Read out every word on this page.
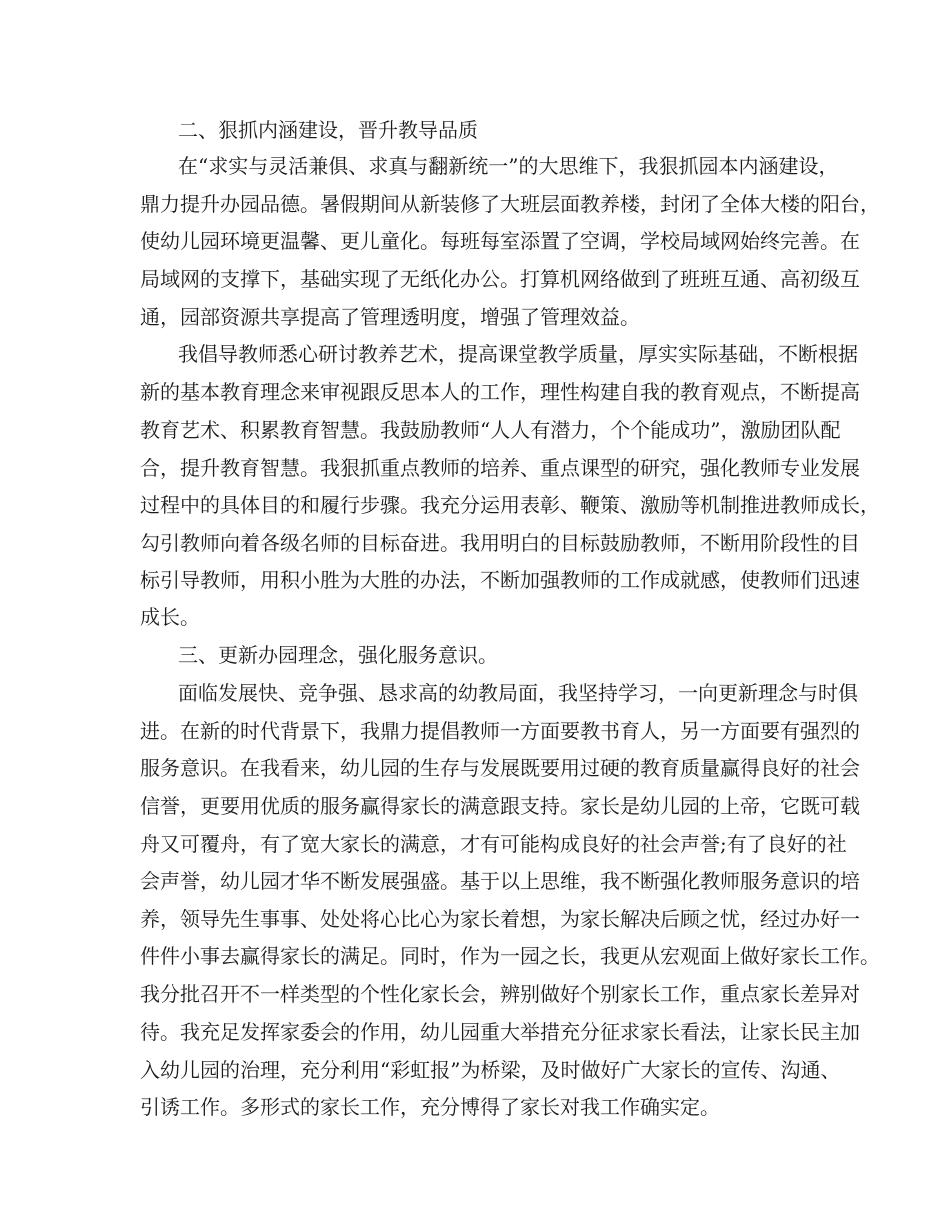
二、狠抓内涵建设，晋升教导品质
在“求实与灵活兼俱、求真与翻新统一”的大思维下，我狠抓园本内涵建设，
鼎力提升办园品德。暑假期间从新装修了大班层面教养楼，封闭了全体大楼的阳台，
使幼儿园环境更温馨、更儿童化。每班每室添置了空调，学校局域网始终完善。在
局域网的支撑下，基础实现了无纸化办公。打算机网络做到了班班互通、高初级互
通，园部资源共享提高了管理透明度，增强了管理效益。
我倡导教师悉心研讨教养艺术，提高课堂教学质量，厚实实际基础，不断根据
新的基本教育理念来审视跟反思本人的工作，理性构建自我的教育观点，不断提高
教育艺术、积累教育智慧。我鼓励教师“人人有潜力，个个能成功”，激励团队配
合，提升教育智慧。我狠抓重点教师的培养、重点课型的研究，强化教师专业发展
过程中的具体目的和履行步骤。我充分运用表彰、鞭策、激励等机制推进教师成长，
勾引教师向着各级名师的目标奋进。我用明白的目标鼓励教师，不断用阶段性的目
标引导教师，用积小胜为大胜的办法，不断加强教师的工作成就感，使教师们迅速
成长。
三、更新办园理念，强化服务意识。
面临发展快、竞争强、恳求高的幼教局面，我坚持学习，一向更新理念与时俱
进。在新的时代背景下，我鼎力提倡教师一方面要教书育人，另一方面要有强烈的
服务意识。在我看来，幼儿园的生存与发展既要用过硬的教育质量赢得良好的社会
信誉，更要用优质的服务赢得家长的满意跟支持。家长是幼儿园的上帝，它既可载
舟又可覆舟，有了宽大家长的满意，才有可能构成良好的社会声誉;有了良好的社
会声誉，幼儿园才华不断发展强盛。基于以上思维，我不断强化教师服务意识的培
养，领导先生事事、处处将心比心为家长着想，为家长解决后顾之忧，经过办好一
件件小事去赢得家长的满足。同时，作为一园之长，我更从宏观面上做好家长工作。
我分批召开不一样类型的个性化家长会，辨别做好个别家长工作，重点家长差异对
待。我充足发挥家委会的作用，幼儿园重大举措充分征求家长看法，让家长民主加
入幼儿园的治理，充分利用“彩虹报”为桥梁，及时做好广大家长的宣传、沟通、
引诱工作。多形式的家长工作，充分博得了家长对我工作确实定。
